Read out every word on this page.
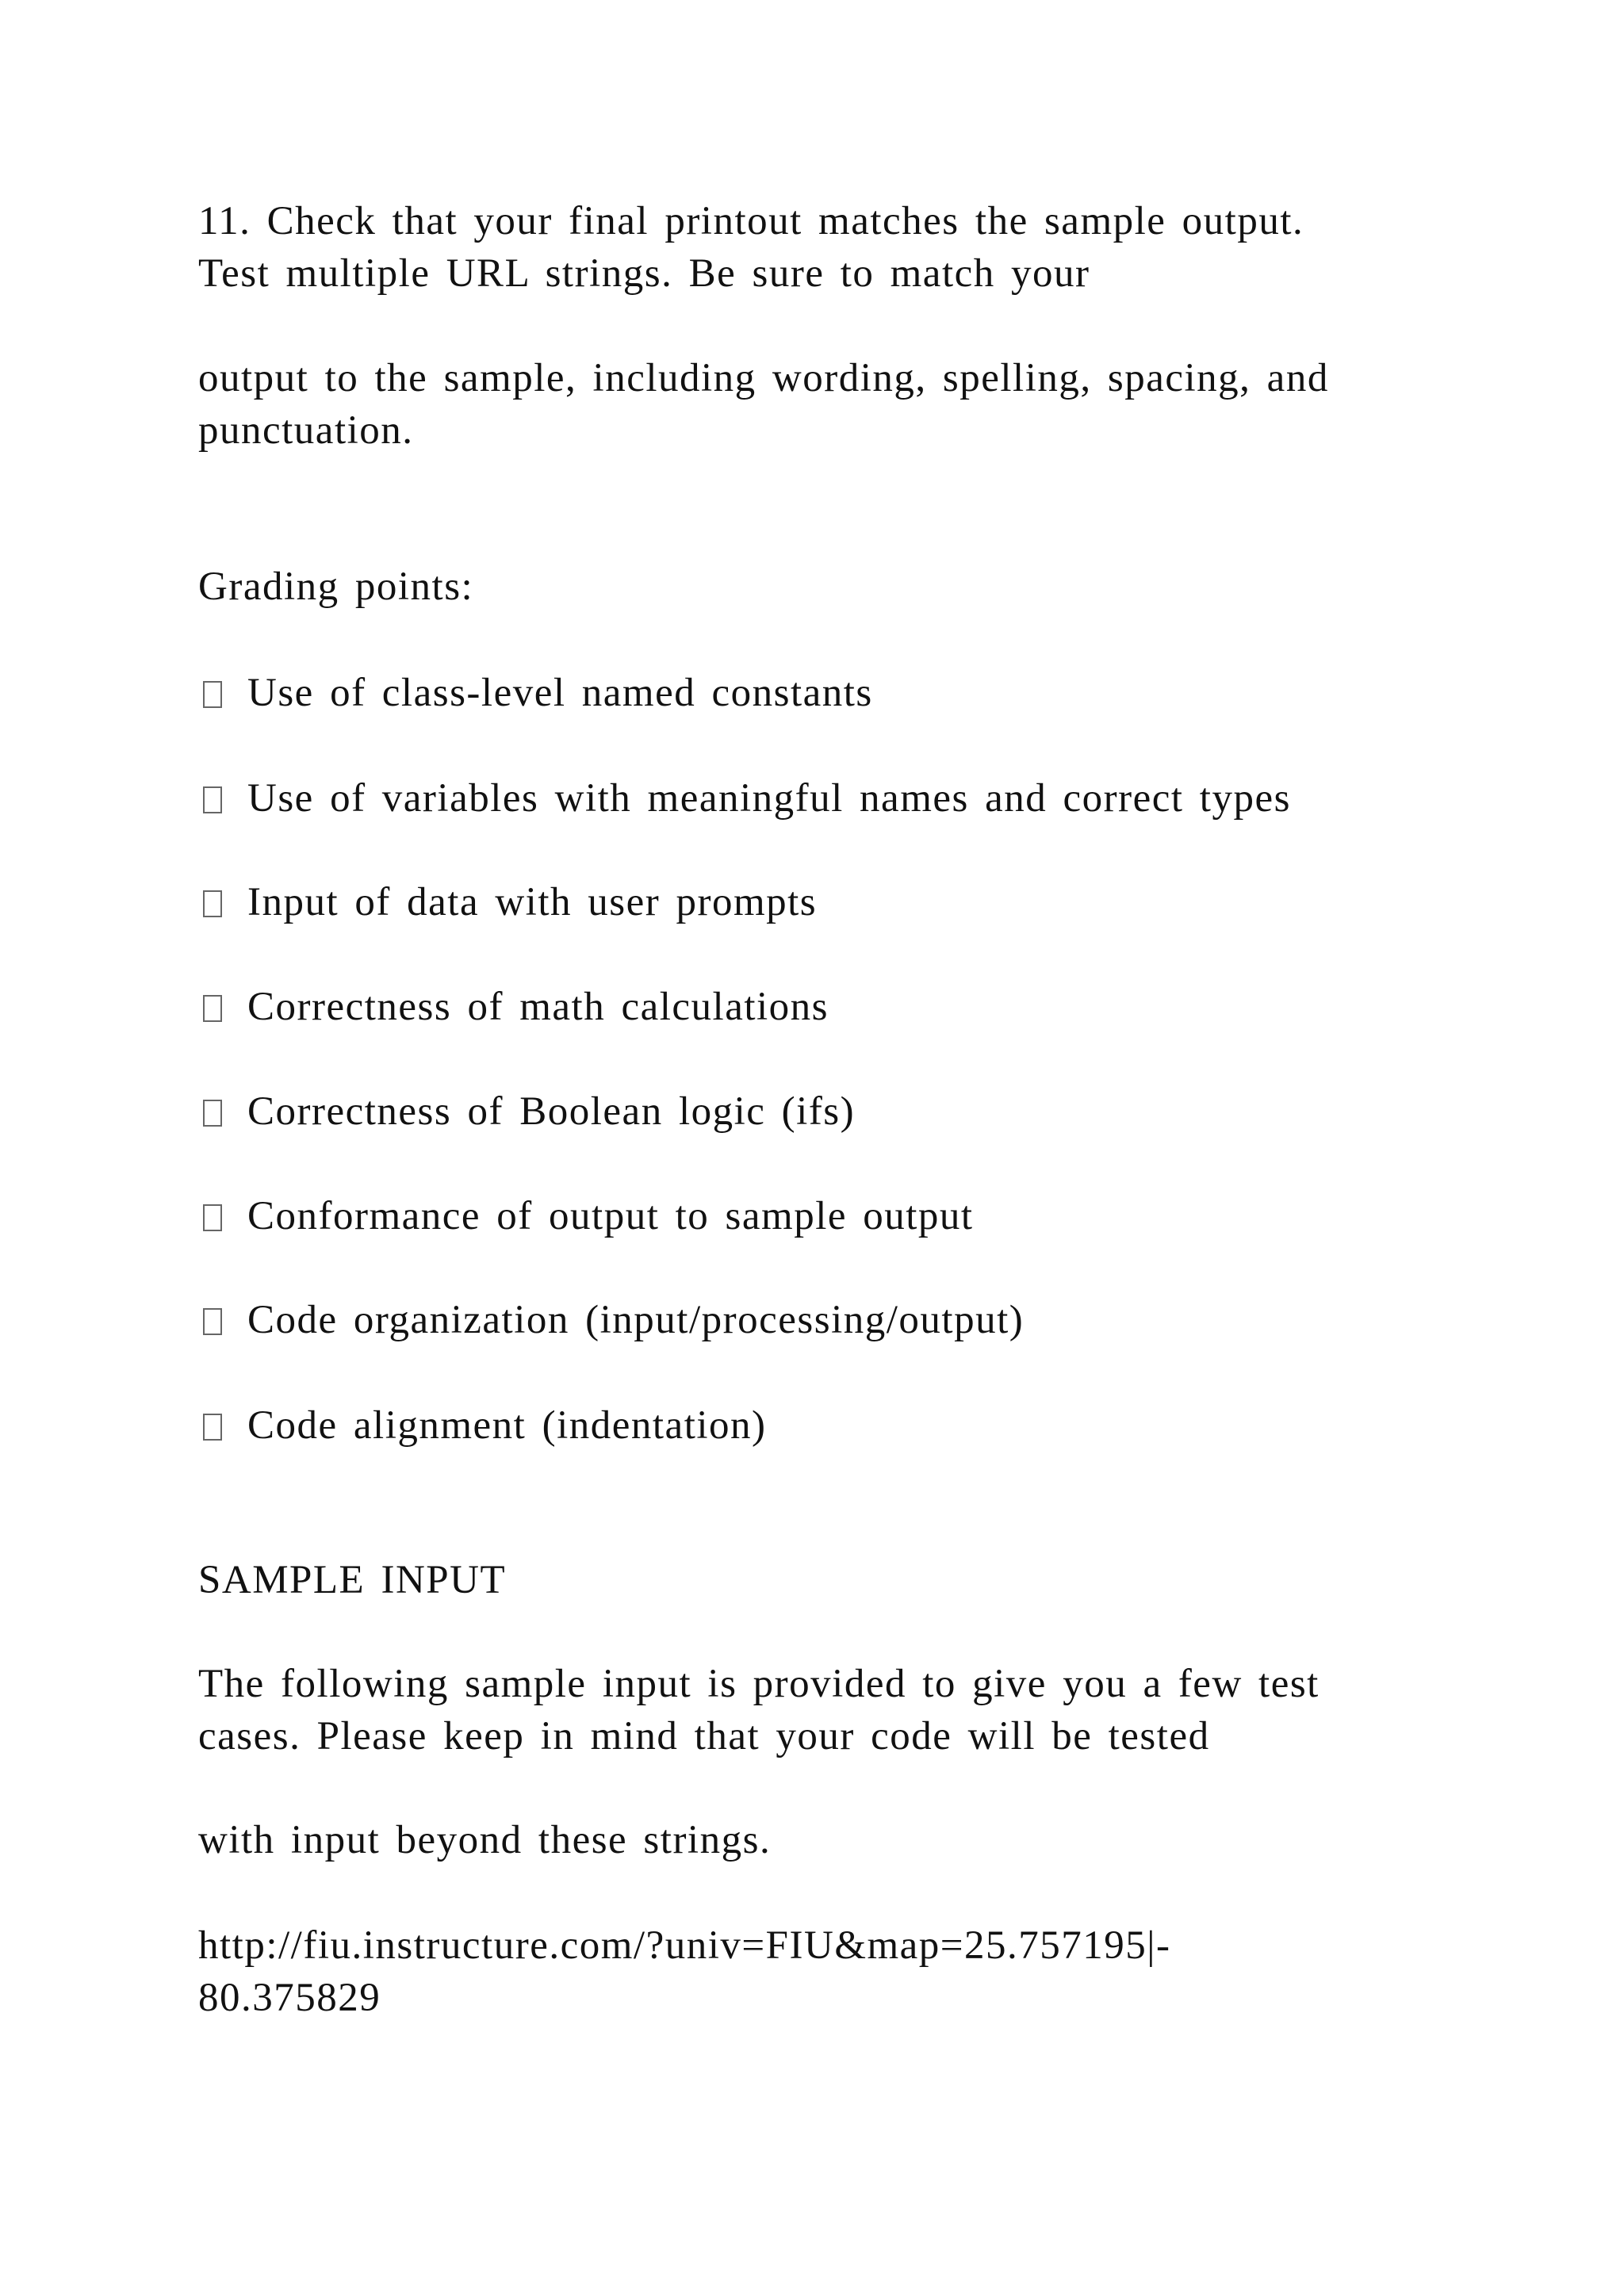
11. Check that your final printout matches the sample output.
Test multiple URL strings. Be sure to match your
output to the sample, including wording, spelling, spacing, and
punctuation.
Grading points:
Use of class-level named constants
Use of variables with meaningful names and correct types
Input of data with user prompts
Correctness of math calculations
Correctness of Boolean logic (ifs)
Conformance of output to sample output
Code organization (input/processing/output)
Code alignment (indentation)
SAMPLE INPUT
The following sample input is provided to give you a few test
cases. Please keep in mind that your code will be tested
with input beyond these strings.
http://fiu.instructure.com/?univ=FIU&map=25.757195|-
80.375829
